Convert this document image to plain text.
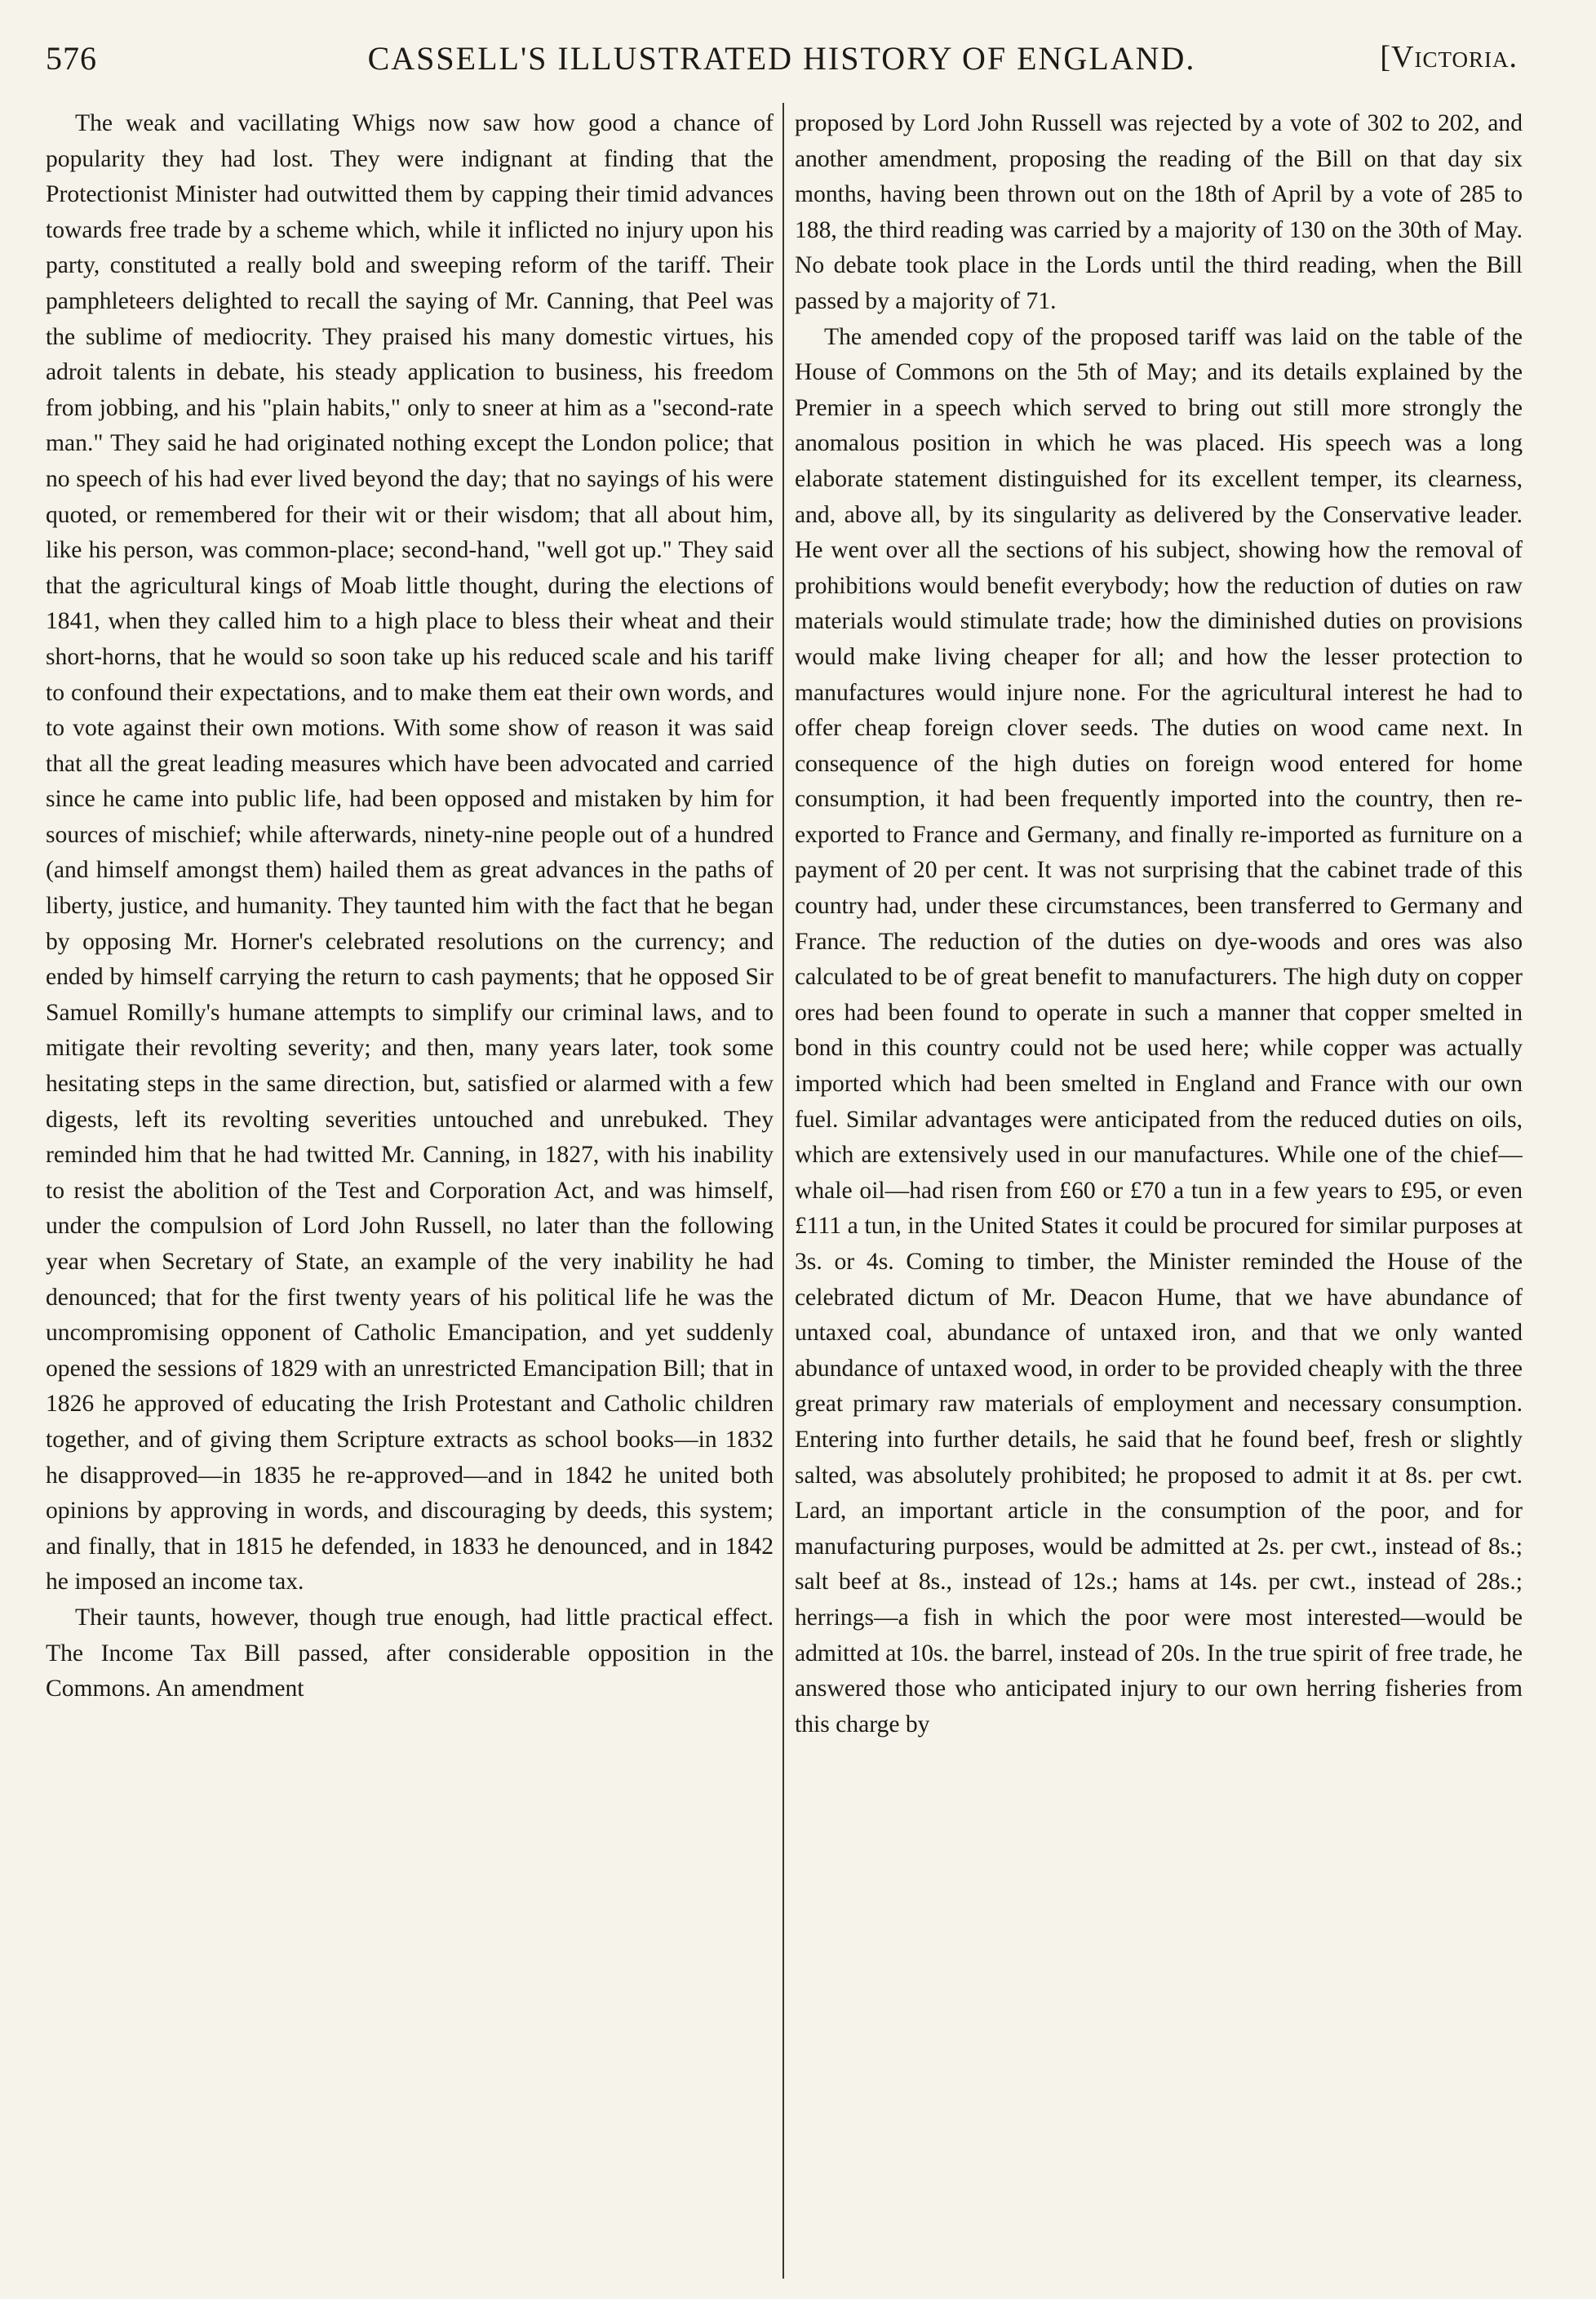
576	CASSELL'S ILLUSTRATED HISTORY OF ENGLAND.	[Victoria.

The weak and vacillating Whigs now saw how good a chance of popularity they had lost. They were indignant at finding that the Protectionist Minister had outwitted them by capping their timid advances towards free trade by a scheme which, while it inflicted no injury upon his party, constituted a really bold and sweeping reform of the tariff. Their pamphleteers delighted to recall the saying of Mr. Canning, that Peel was the sublime of mediocrity. They praised his many domestic virtues, his adroit talents in debate, his steady application to business, his freedom from jobbing, and his "plain habits," only to sneer at him as a "second-rate man." They said he had originated nothing except the London police; that no speech of his had ever lived beyond the day; that no sayings of his were quoted, or remembered for their wit or their wisdom; that all about him, like his person, was common-place; second-hand, "well got up." They said that the agricultural kings of Moab little thought, during the elections of 1841, when they called him to a high place to bless their wheat and their short-horns, that he would so soon take up his reduced scale and his tariff to confound their expectations, and to make them eat their own words, and to vote against their own motions. With some show of reason it was said that all the great leading measures which have been advocated and carried since he came into public life, had been opposed and mistaken by him for sources of mischief; while afterwards, ninety-nine people out of a hundred (and himself amongst them) hailed them as great advances in the paths of liberty, justice, and humanity. They taunted him with the fact that he began by opposing Mr. Horner's celebrated resolutions on the currency; and ended by himself carrying the return to cash payments; that he opposed Sir Samuel Romilly's humane attempts to simplify our criminal laws, and to mitigate their revolting severity; and then, many years later, took some hesitating steps in the same direction, but, satisfied or alarmed with a few digests, left its revolting severities untouched and unrebuked. They reminded him that he had twitted Mr. Canning, in 1827, with his inability to resist the abolition of the Test and Corporation Act, and was himself, under the compulsion of Lord John Russell, no later than the following year when Secretary of State, an example of the very inability he had denounced; that for the first twenty years of his political life he was the uncompromising opponent of Catholic Emancipation, and yet suddenly opened the sessions of 1829 with an unrestricted Emancipation Bill; that in 1826 he approved of educating the Irish Protestant and Catholic children together, and of giving them Scripture extracts as school books—in 1832 he disapproved—in 1835 he re-approved—and in 1842 he united both opinions by approving in words, and discouraging by deeds, this system; and finally, that in 1815 he defended, in 1833 he denounced, and in 1842 he imposed an income tax.

Their taunts, however, though true enough, had little practical effect. The Income Tax Bill passed, after considerable opposition in the Commons. An amendment

proposed by Lord John Russell was rejected by a vote of 302 to 202, and another amendment, proposing the reading of the Bill on that day six months, having been thrown out on the 18th of April by a vote of 285 to 188, the third reading was carried by a majority of 130 on the 30th of May. No debate took place in the Lords until the third reading, when the Bill passed by a majority of 71.

The amended copy of the proposed tariff was laid on the table of the House of Commons on the 5th of May; and its details explained by the Premier in a speech which served to bring out still more strongly the anomalous position in which he was placed. His speech was a long elaborate statement distinguished for its excellent temper, its clearness, and, above all, by its singularity as delivered by the Conservative leader. He went over all the sections of his subject, showing how the removal of prohibitions would benefit everybody; how the reduction of duties on raw materials would stimulate trade; how the diminished duties on provisions would make living cheaper for all; and how the lesser protection to manufactures would injure none. For the agricultural interest he had to offer cheap foreign clover seeds. The duties on wood came next. In consequence of the high duties on foreign wood entered for home consumption, it had been frequently imported into the country, then re-exported to France and Germany, and finally re-imported as furniture on a payment of 20 per cent. It was not surprising that the cabinet trade of this country had, under these circumstances, been transferred to Germany and France. The reduction of the duties on dye-woods and ores was also calculated to be of great benefit to manufacturers. The high duty on copper ores had been found to operate in such a manner that copper smelted in bond in this country could not be used here; while copper was actually imported which had been smelted in England and France with our own fuel. Similar advantages were anticipated from the reduced duties on oils, which are extensively used in our manufactures. While one of the chief—whale oil—had risen from £60 or £70 a tun in a few years to £95, or even £111 a tun, in the United States it could be procured for similar purposes at 3s. or 4s. Coming to timber, the Minister reminded the House of the celebrated dictum of Mr. Deacon Hume, that we have abundance of untaxed coal, abundance of untaxed iron, and that we only wanted abundance of untaxed wood, in order to be provided cheaply with the three great primary raw materials of employment and necessary consumption. Entering into further details, he said that he found beef, fresh or slightly salted, was absolutely prohibited; he proposed to admit it at 8s. per cwt. Lard, an important article in the consumption of the poor, and for manufacturing purposes, would be admitted at 2s. per cwt., instead of 8s.; salt beef at 8s., instead of 12s.; hams at 14s. per cwt., instead of 28s.; herrings—a fish in which the poor were most interested—would be admitted at 10s. the barrel, instead of 20s. In the true spirit of free trade, he answered those who anticipated injury to our own herring fisheries from this charge by
